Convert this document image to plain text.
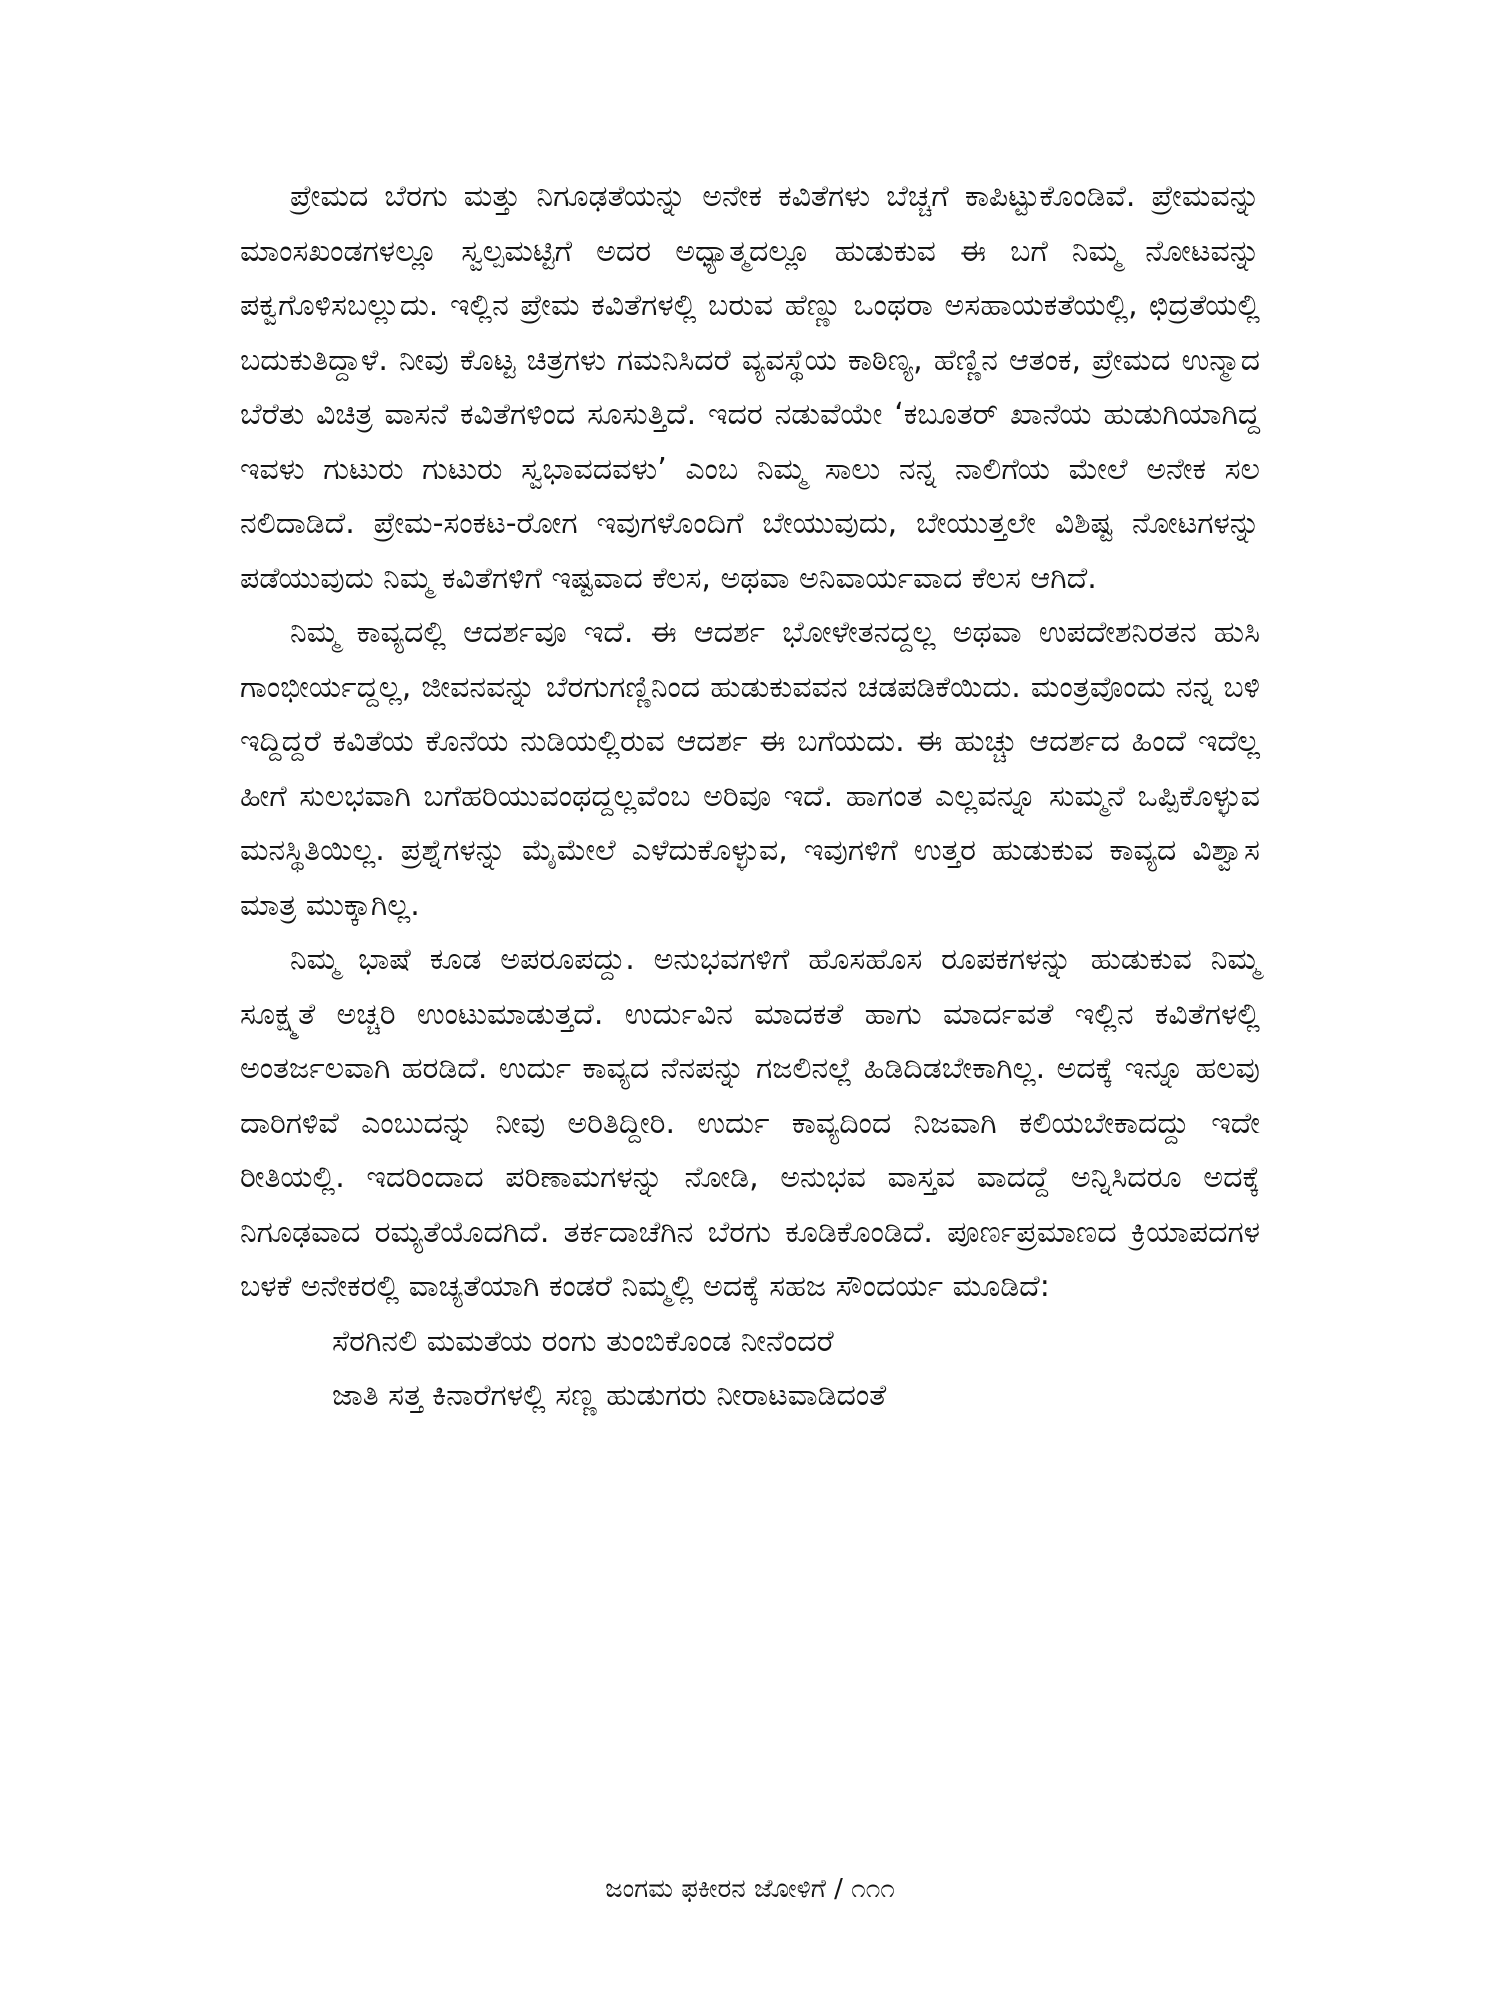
ಪ್ರೇಮದ ಬೆರಗು ಮತ್ತು ನಿಗೂಢತೆಯನ್ನು ಅನೇಕ ಕವಿತೆಗಳು ಬೆಚ್ಚಗೆ ಕಾಪಿಟ್ಟುಕೊಂಡಿವೆ. ಪ್ರೇಮವನ್ನು ಮಾಂಸಖಂಡಗಳಲ್ಲೂ ಸ್ವಲ್ಪಮಟ್ಟಿಗೆ ಅದರ ಅಧ್ಯಾತ್ಮದಲ್ಲೂ ಹುಡುಕುವ ಈ ಬಗೆ ನಿಮ್ಮ ನೋಟವನ್ನು ಪಕ್ವಗೊಳಿಸಬಲ್ಲುದು. ಇಲ್ಲಿನ ಪ್ರೇಮ ಕವಿತೆಗಳಲ್ಲಿ ಬರುವ ಹೆಣ್ಣು ಒಂಥರಾ ಅಸಹಾಯಕತೆಯಲ್ಲಿ, ಛಿದ್ರತೆಯಲ್ಲಿ ಬದುಕುತಿದ್ದಾಳೆ. ನೀವು ಕೊಟ್ಟ ಚಿತ್ರಗಳು ಗಮನಿಸಿದರೆ ವ್ಯವಸ್ಥೆಯ ಕಾಠಿಣ್ಯ, ಹೆಣ್ಣಿನ ಆತಂಕ, ಪ್ರೇಮದ ಉನ್ಮಾದ ಬೆರೆತು ವಿಚಿತ್ರ ವಾಸನೆ ಕವಿತೆಗಳಿಂದ ಸೂಸುತ್ತಿದೆ. ಇದರ ನಡುವೆಯೇ ‘ಕಬೂತರ್ ಖಾನೆಯ ಹುಡುಗಿಯಾಗಿದ್ದ ಇವಳು ಗುಟುರು ಗುಟುರು ಸ್ವಭಾವದವಳು’ ಎಂಬ ನಿಮ್ಮ ಸಾಲು ನನ್ನ ನಾಲಿಗೆಯ ಮೇಲೆ ಅನೇಕ ಸಲ ನಲಿದಾಡಿದೆ. ಪ್ರೇಮ-ಸಂಕಟ-ರೋಗ ಇವುಗಳೊಂದಿಗೆ ಬೇಯುವುದು, ಬೇಯುತ್ತಲೇ ವಿಶಿಷ್ಟ ನೋಟಗಳನ್ನು ಪಡೆಯುವುದು ನಿಮ್ಮ ಕವಿತೆಗಳಿಗೆ ಇಷ್ಟವಾದ ಕೆಲಸ, ಅಥವಾ ಅನಿವಾರ್ಯವಾದ ಕೆಲಸ ಆಗಿದೆ.

ನಿಮ್ಮ ಕಾವ್ಯದಲ್ಲಿ ಆದರ್ಶವೂ ಇದೆ. ಈ ಆದರ್ಶ ಭೋಳೇತನದ್ದಲ್ಲ ಅಥವಾ ಉಪದೇಶನಿರತನ ಹುಸಿ ಗಾಂಭೀರ್ಯದ್ದಲ್ಲ, ಜೀವನವನ್ನು ಬೆರಗುಗಣ್ಣಿನಿಂದ ಹುಡುಕುವವನ ಚಡಪಡಿಕೆಯಿದು. ಮಂತ್ರವೊಂದು ನನ್ನ ಬಳಿ ಇದ್ದಿದ್ದರೆ ಕವಿತೆಯ ಕೊನೆಯ ನುಡಿಯಲ್ಲಿರುವ ಆದರ್ಶ ಈ ಬಗೆಯದು. ಈ ಹುಚ್ಚು ಆದರ್ಶದ ಹಿಂದೆ ಇದೆಲ್ಲ ಹೀಗೆ ಸುಲಭವಾಗಿ ಬಗೆಹರಿಯುವಂಥದ್ದಲ್ಲವೆಂಬ ಅರಿವೂ ಇದೆ. ಹಾಗಂತ ಎಲ್ಲವನ್ನೂ ಸುಮ್ಮನೆ ಒಪ್ಪಿಕೊಳ್ಳುವ ಮನಸ್ಥಿತಿಯಿಲ್ಲ. ಪ್ರಶ್ನೆಗಳನ್ನು ಮೈಮೇಲೆ ಎಳೆದುಕೊಳ್ಳುವ, ಇವುಗಳಿಗೆ ಉತ್ತರ ಹುಡುಕುವ ಕಾವ್ಯದ ವಿಶ್ವಾಸ ಮಾತ್ರ ಮುಕ್ಕಾಗಿಲ್ಲ.

ನಿಮ್ಮ ಭಾಷೆ ಕೂಡ ಅಪರೂಪದ್ದು. ಅನುಭವಗಳಿಗೆ ಹೊಸಹೊಸ ರೂಪಕಗಳನ್ನು ಹುಡುಕುವ ನಿಮ್ಮ ಸೂಕ್ಷ್ಮತೆ ಅಚ್ಚರಿ ಉಂಟುಮಾಡುತ್ತದೆ. ಉರ್ದುವಿನ ಮಾದಕತೆ ಹಾಗು ಮಾರ್ದವತೆ ಇಲ್ಲಿನ ಕವಿತೆಗಳಲ್ಲಿ ಅಂತರ್ಜಲವಾಗಿ ಹರಡಿದೆ. ಉರ್ದು ಕಾವ್ಯದ ನೆನಪನ್ನು ಗಜಲಿನಲ್ಲೆ ಹಿಡಿದಿಡಬೇಕಾಗಿಲ್ಲ. ಅದಕ್ಕೆ ಇನ್ನೂ ಹಲವು ದಾರಿಗಳಿವೆ ಎಂಬುದನ್ನು ನೀವು ಅರಿತಿದ್ದೀರಿ. ಉರ್ದು ಕಾವ್ಯದಿಂದ ನಿಜವಾಗಿ ಕಲಿಯಬೇಕಾದದ್ದು ಇದೇ ರೀತಿಯಲ್ಲಿ. ಇದರಿಂದಾದ ಪರಿಣಾಮಗಳನ್ನು ನೋಡಿ, ಅನುಭವ ವಾಸ್ತವ ವಾದದ್ದೆ ಅನ್ನಿಸಿದರೂ ಅದಕ್ಕೆ ನಿಗೂಢವಾದ ರಮ್ಯತೆಯೊದಗಿದೆ. ತರ್ಕದಾಚೆಗಿನ ಬೆರಗು ಕೂಡಿಕೊಂಡಿದೆ. ಪೂರ್ಣಪ್ರಮಾಣದ ಕ್ರಿಯಾಪದಗಳ ಬಳಕೆ ಅನೇಕರಲ್ಲಿ ವಾಚ್ಯತೆಯಾಗಿ ಕಂಡರೆ ನಿಮ್ಮಲ್ಲಿ ಅದಕ್ಕೆ ಸಹಜ ಸೌಂದರ್ಯ ಮೂಡಿದೆ:

ಸೆರಗಿನಲಿ ಮಮತೆಯ ರಂಗು ತುಂಬಿಕೊಂಡ ನೀನೆಂದರೆ
ಜಾತಿ ಸತ್ತ ಕಿನಾರೆಗಳಲ್ಲಿ ಸಣ್ಣ ಹುಡುಗರು ನೀರಾಟವಾಡಿದಂತೆ
ಜಂಗಮ ಫಕೀರನ ಜೋಳಿಗೆ / ೧೧೧
